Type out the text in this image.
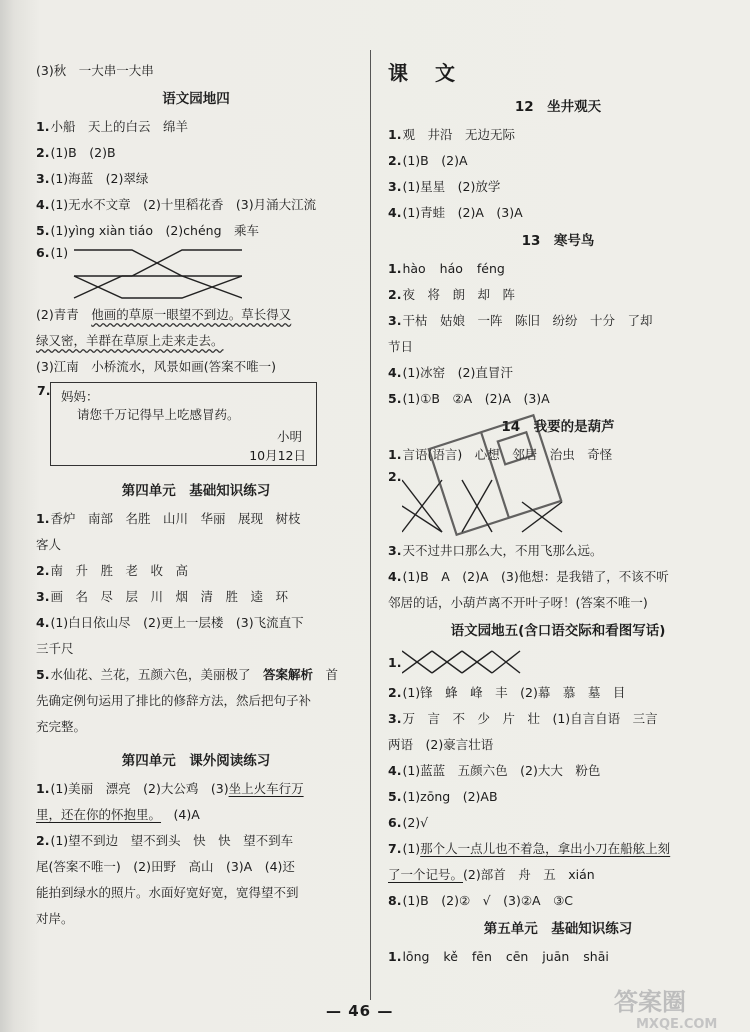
(3)秋　一大串一大串
语文园地四
1. 小船　天上的白云　绵羊
2. (1)B　(2)B
3. (1)海蓝　(2)翠绿
4. (1)无水不文章　(2)十里稻花香　(3)月涌大江流
5. (1)yìng xiàn tiáo　(2)chéng　乘车
6. (1)
(2)青青　 他画的草原一眼望不到边。草长得又
绿又密，羊群在草原上走来走去。
(3)江南　小桥流水，风景如画(答案不唯一)
7. 妈妈：
请您千万记得早上吃感冒药。
小明
10月12日
第四单元　基础知识练习
1. 香炉　南部　名胜　山川　华丽　展现　树枝
客人
2. 南　升　胜　老　收　高
3. 画　名　尽　层　川　烟　清　胜　逵　环
4. (1)白日依山尽　(2)更上一层楼　(3)飞流直下
三千尺
5. 水仙花、兰花，五颜六色，美丽极了　 答案解析 　首
先确定例句运用了排比的修辞方法，然后把句子补
充完整。
第四单元　课外阅读练习
1. (1)美丽　漂亮　(2)大公鸡　(3) 坐上火车行万
里，还在你的怀抱里。 　(4)A
2. (1)望不到边　望不到头　快　快　望不到车
尾(答案不唯一)　(2)田野　高山　(3)A　(4)还
能拍到绿水的照片。水面好宽好宽，宽得望不到
对岸。
课 文
12　坐井观天
1. 观　井沿　无边无际
2. (1)B　(2)A
3. (1)星星　(2)放学
4. (1)青蛙　(2)A　(3)A
13　寒号鸟
1. hào háo féng
2. 夜　将　朗　却　阵
3. 干枯　姑娘　一阵　陈旧　纷纷　十分　了却
节日
4. (1)冰窑　(2)直冒汗
5. (1)①B　②A　(2)A　(3)A
14　我要的是葫芦
1. 言语(语言)　心想　邻居　治虫　奇怪
2.
3. 天不过井口那么大，不用飞那么远。
4. (1)B　A　(2)A　(3)他想：是我错了，不该不听
邻居的话，小葫芦离不开叶子呀！(答案不唯一)
语文园地五(含口语交际和看图写话)
1.
2. (1)锋　蜂　峰　丰　(2)幕　慕　墓　目
3. 万　言　不　少　片　壮　(1)自言自语　三言
两语　(2)豪言壮语
4. (1)蓝蓝　五颜六色　(2)大大　粉色
5. (1)zōng　(2)AB
6. (2)√
7. (1) 那个人一点儿也不着急，拿出小刀在船舷上刻
了一个记号。 (2)部首　舟　五　xián
8. (1)B　(2)②　√　(3)②A　③C
第五单元　基础知识练习
1. lōng kě fēn cēn juān shāi
答案圈
MXQE.COM
— 46 —
